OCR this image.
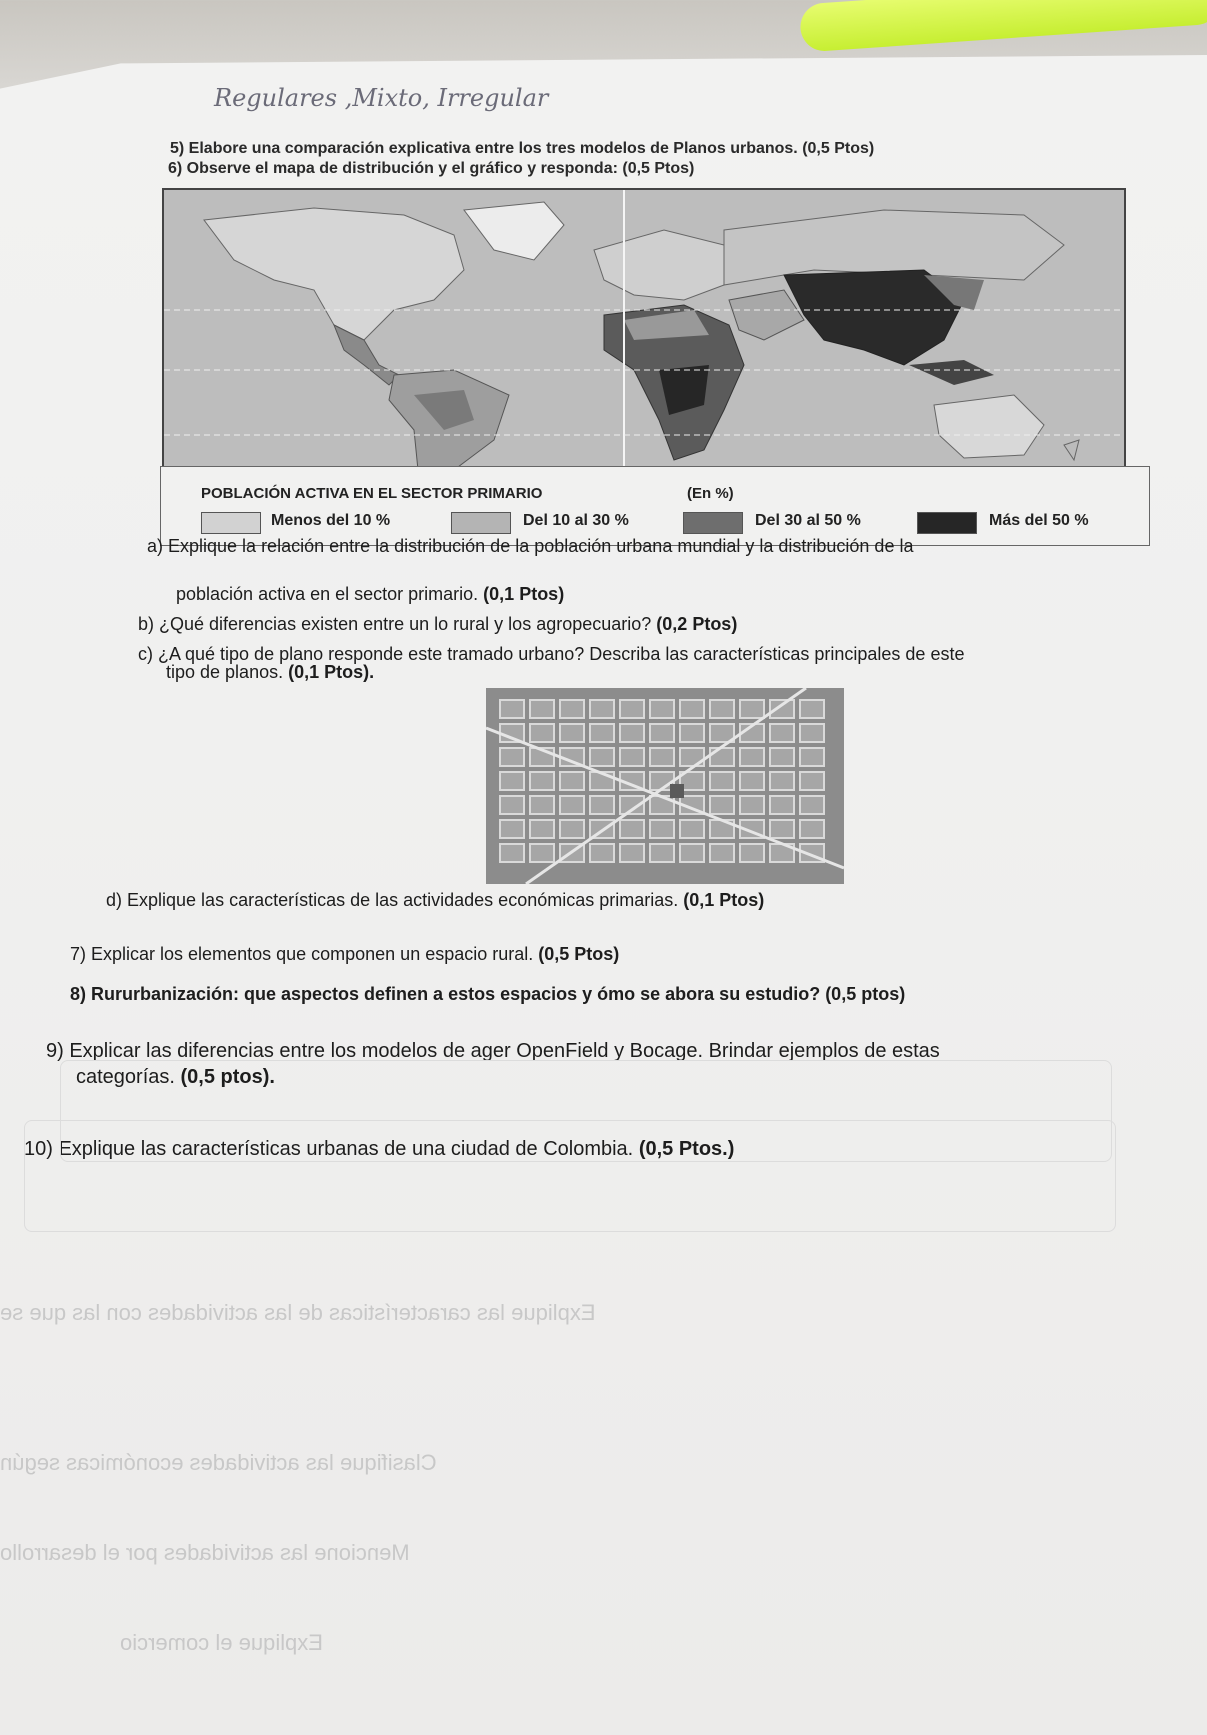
Regulares ,Mixto, Irregular
5) Elabore una comparación explicativa entre los tres modelos de Planos urbanos. (0,5 Ptos)
6) Observe el mapa de distribución y el gráfico y responda: (0,5 Ptos)
POBLACIÓN ACTIVA EN EL SECTOR PRIMARIO	(En %)
Menos del 10 %	Del 10 al 30 %	Del 30 al 50 %	Más del 50 %
a) Explique la relación entre la distribución de la población urbana mundial y la distribución de la
población activa en el sector primario. (0,1 Ptos)
b) ¿Qué diferencias existen entre un lo rural y los agropecuario? (0,2 Ptos)
c) ¿A qué tipo de plano responde este tramado urbano? Describa las características principales de este
tipo de planos. (0,1 Ptos).
d) Explique las características de las actividades económicas primarias. (0,1 Ptos)
7) Explicar los elementos que componen un espacio rural. (0,5 Ptos)
8) Rururbanización: que aspectos definen a estos espacios y ómo se abora su estudio? (0,5 ptos)
9) Explicar las diferencias entre los modelos de ager OpenField y Bocage. Brindar ejemplos de estas
categorías. (0,5 ptos).
10) Explique las características urbanas de una ciudad de Colombia. (0,5 Ptos.)
Explique las características de las actividades con las que se
Clasifique las actividades económicas según
Mencione las actividades por el desarrollo
Explique el comercio
